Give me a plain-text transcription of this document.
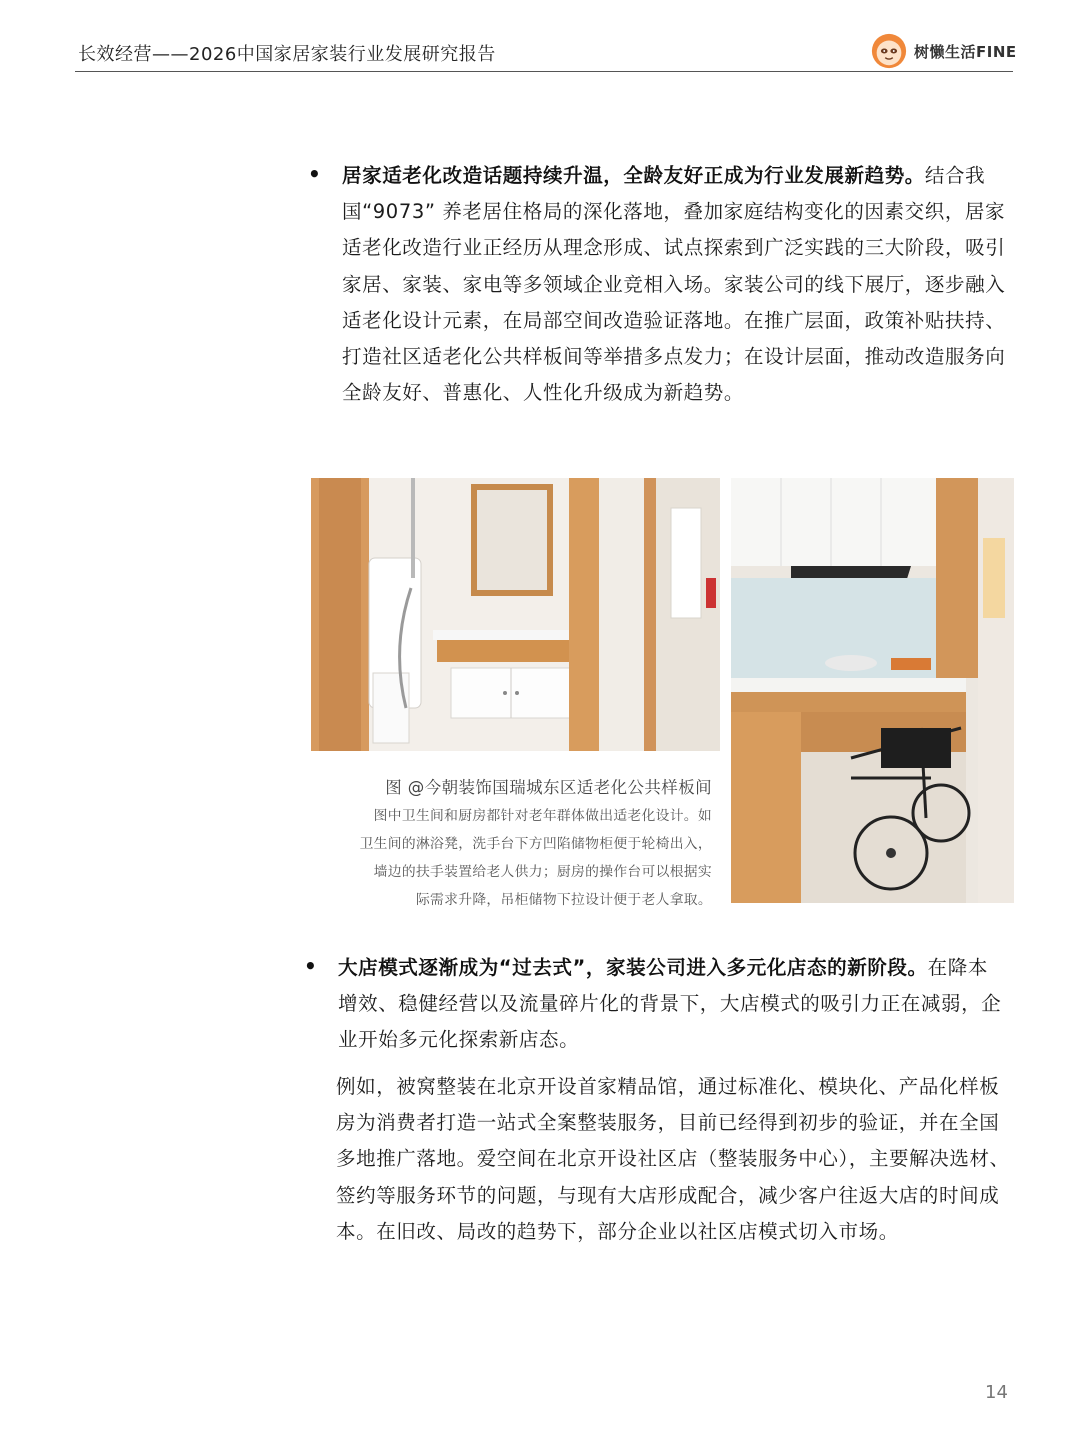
长效经营——2026中国家居家装行业发展研究报告	树懒生活FINE
• 居家适老化改造话题持续升温，全龄友好正成为行业发展新趋势。结合我国“9073” 养老居住格局的深化落地，叠加家庭结构变化的因素交织，居家适老化改造行业正经历从理念形成、试点探索到广泛实践的三大阶段，吸引家居、家装、家电等多领域企业竞相入场。家装公司的线下展厅，逐步融入适老化设计元素，在局部空间改造验证落地。在推广层面，政策补贴扶持、打造社区适老化公共样板间等举措多点发力；在设计层面，推动改造服务向全龄友好、普惠化、人性化升级成为新趋势。
图 @今朝装饰国瑞城东区适老化公共样板间
图中卫生间和厨房都针对老年群体做出适老化设计。如
卫生间的淋浴凳，洗手台下方凹陷储物柜便于轮椅出入，
墙边的扶手装置给老人供力；厨房的操作台可以根据实
际需求升降，吊柜储物下拉设计便于老人拿取。
• 大店模式逐渐成为“过去式”，家装公司进入多元化店态的新阶段。在降本增效、稳健经营以及流量碎片化的背景下，大店模式的吸引力正在减弱，企业开始多元化探索新店态。
例如，被窝整装在北京开设首家精品馆，通过标准化、模块化、产品化样板房为消费者打造一站式全案整装服务，目前已经得到初步的验证，并在全国多地推广落地。爱空间在北京开设社区店（整装服务中心），主要解决选材、签约等服务环节的问题，与现有大店形成配合，减少客户往返大店的时间成本。在旧改、局改的趋势下，部分企业以社区店模式切入市场。
14
